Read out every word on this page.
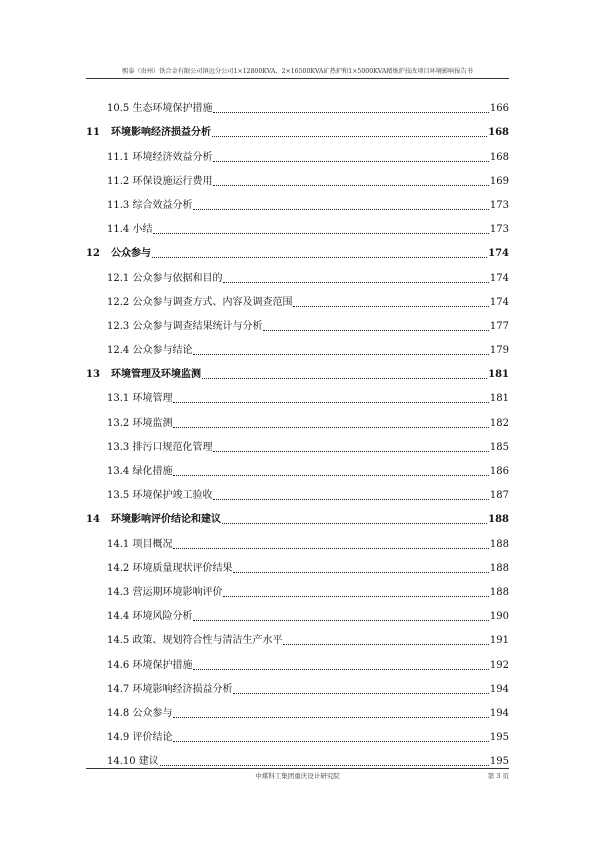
熙泰（贵州）铁合金有限公司镇远分公司1×12800KVA、2×16500KVA矿热炉和1×5000KVA精炼炉技改项目环境影响报告书
10.5 生态环境保护措施	166
11	环境影响经济损益分析	168
11.1 环境经济效益分析	168
11.2 环保设施运行费用	169
11.3 综合效益分析	173
11.4 小结	173
12	公众参与	174
12.1 公众参与依据和目的	174
12.2 公众参与调查方式、内容及调查范围	174
12.3 公众参与调查结果统计与分析	177
12.4 公众参与结论	179
13	环境管理及环境监测	181
13.1 环境管理	181
13.2 环境监测	182
13.3 排污口规范化管理	185
13.4 绿化措施	186
13.5 环境保护竣工验收	187
14	环境影响评价结论和建议	188
14.1 项目概况	188
14.2 环境质量现状评价结果	188
14.3 营运期环境影响评价	188
14.4 环境风险分析	190
14.5 政策、规划符合性与清洁生产水平	191
14.6 环境保护措施	192
14.7 环境影响经济损益分析	194
14.8 公众参与	194
14.9 评价结论	195
14.10 建议	195
中煤科工集团重庆设计研究院	第 3 页
